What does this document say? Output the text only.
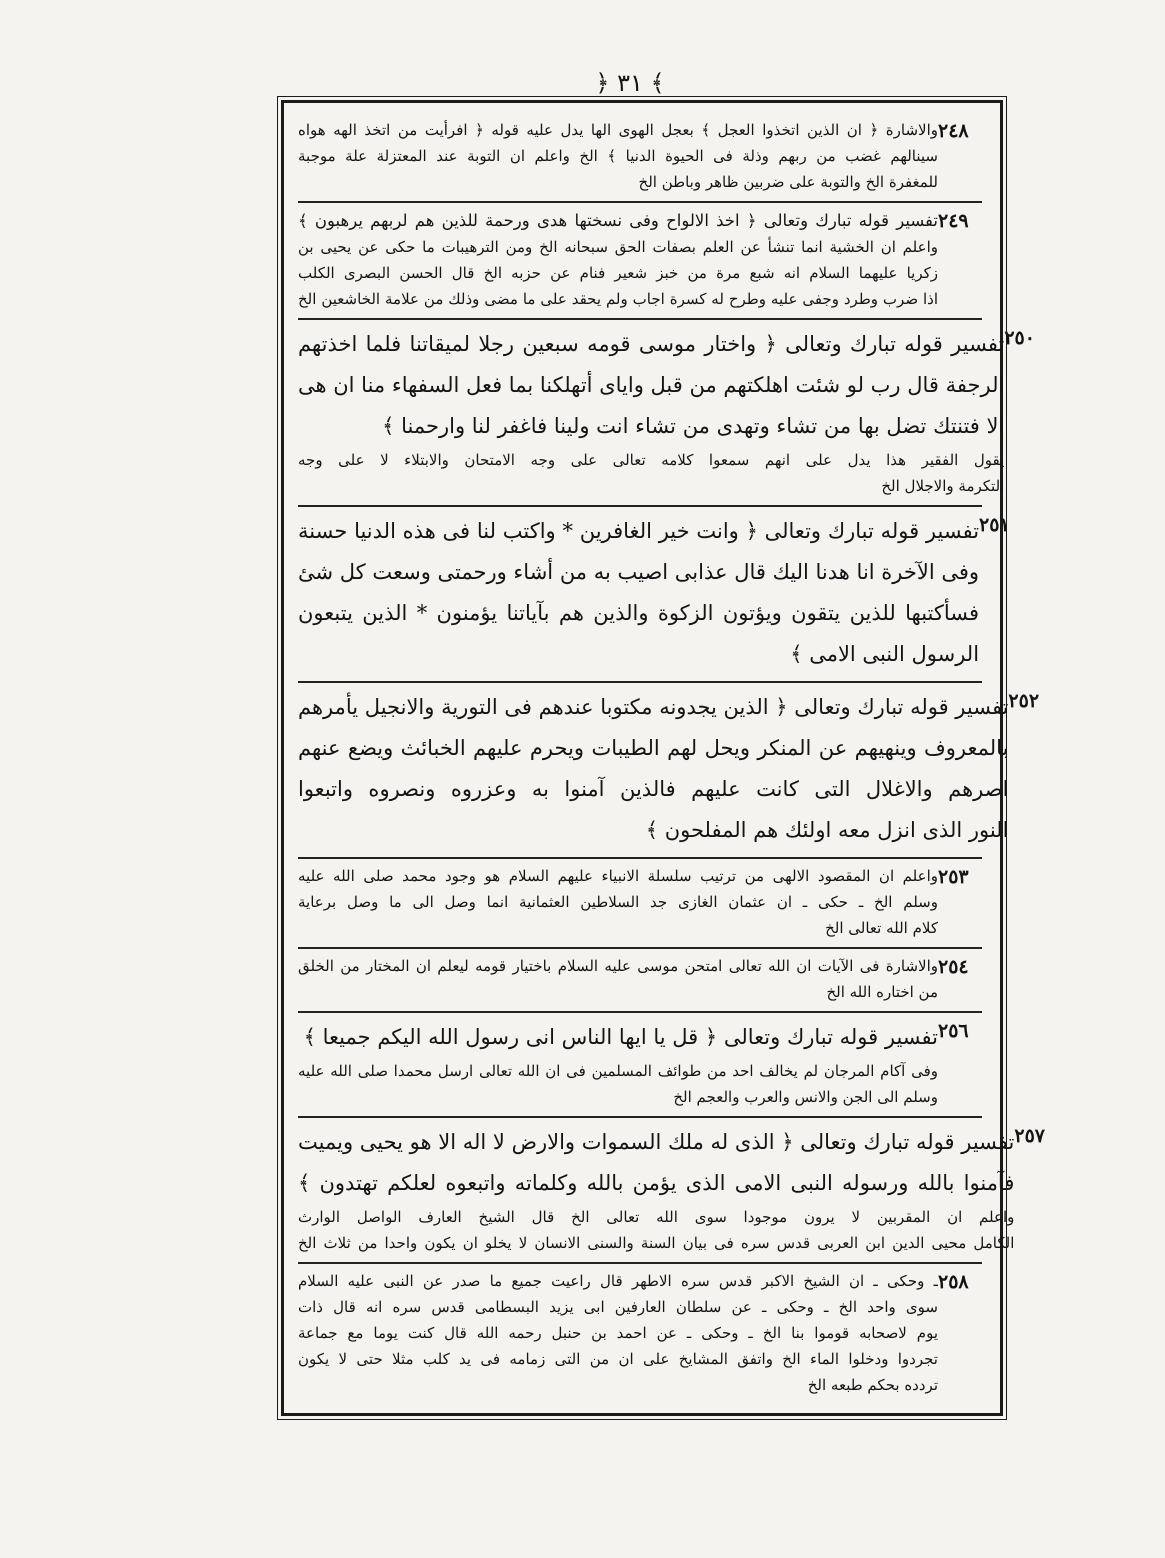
﴾ ٣١ ﴿
والاشارة ﴿ ان الذين اتخذوا العجل ﴾ بعجل الهوى الها يدل عليه قوله ﴿ افرأيت من اتخذ الهه هواه
سينالهم غضب من ربهم وذلة فى الحيوة الدنيا ﴾ الخ واعلم ان التوبة عند المعتزلة علة موجبة
للمغفرة الخ والتوبة على ضربين ظاهر وباطن الخ
٢٤٨
تفسير قوله تبارك وتعالى ﴿ اخذ الالواح وفى نسختها هدى ورحمة للذين هم لربهم يرهبون ﴾
واعلم ان الخشية انما تنشأ عن العلم بصفات الحق سبحانه الخ ومن الترهيبات ما حكى عن يحيى بن
زكريا عليهما السلام انه شبع مرة من خبز شعير فنام عن حزبه الخ قال الحسن البصرى الكلب
اذا ضرب وطرد وجفى عليه وطرح له كسرة اجاب ولم يحقد على ما مضى وذلك من علامة الخاشعين الخ
٢٤٩
تفسير قوله تبارك وتعالى ﴿ واختار موسى قومه سبعين رجلا لميقاتنا فلما اخذتهم
الرجفة قال رب لو شئت اهلكتهم من قبل واياى أتهلكنا بما فعل السفهاء منا ان هى
الا فتنتك تضل بها من تشاء وتهدى من تشاء انت ولينا فاغفر لنا وارحمنا ﴾
يقول الفقير هذا يدل على انهم سمعوا كلامه تعالى على وجه الامتحان والابتلاء لا على وجه
التكرمة والاجلال الخ
٢٥٠
تفسير قوله تبارك وتعالى ﴿ وانت خير الغافرين * واكتب لنا فى هذه الدنيا حسنة
وفى الآخرة انا هدنا اليك قال عذابى اصيب به من أشاء ورحمتى وسعت كل شئ
فسأكتبها للذين يتقون ويؤتون الزكوة والذين هم بآياتنا يؤمنون * الذين يتبعون
الرسول النبى الامى ﴾
٢٥١
تفسير قوله تبارك وتعالى ﴿ الذين يجدونه مكتوبا عندهم فى التورية والانجيل يأمرهم
بالمعروف وينهيهم عن المنكر ويحل لهم الطيبات ويحرم عليهم الخبائث ويضع عنهم
اصرهم والاغلال التى كانت عليهم فالذين آمنوا به وعزروه ونصروه واتبعوا
النور الذى انزل معه اولئك هم المفلحون ﴾
٢٥٢
واعلم ان المقصود الالهى من ترتيب سلسلة الانبياء عليهم السلام هو وجود محمد صلى الله عليه
وسلم الخ ـ حكى ـ ان عثمان الغازى جد السلاطين العثمانية انما وصل الى ما وصل برعاية
كلام الله تعالى الخ
٢٥٣
والاشارة فى الآيات ان الله تعالى امتحن موسى عليه السلام باختيار قومه ليعلم ان المختار من الخلق
من اختاره الله الخ
٢٥٤
تفسير قوله تبارك وتعالى ﴿ قل يا ايها الناس انى رسول الله اليكم جميعا ﴾
وفى آكام المرجان لم يخالف احد من طوائف المسلمين فى ان الله تعالى ارسل محمدا صلى الله عليه
وسلم الى الجن والانس والعرب والعجم الخ
٢٥٦
تفسير قوله تبارك وتعالى ﴿ الذى له ملك السموات والارض لا اله الا هو يحيى ويميت
فآمنوا بالله ورسوله النبى الامى الذى يؤمن بالله وكلماته واتبعوه لعلكم تهتدون ﴾
واعلم ان المقربين لا يرون موجودا سوى الله تعالى الخ قال الشيخ العارف الواصل الوارث
الكامل محيى الدين ابن العربى قدس سره فى بيان السنة والسنى الانسان لا يخلو ان يكون واحدا من ثلاث الخ
٢٥٧
ـ وحكى ـ ان الشيخ الاكبر قدس سره الاطهر قال راعيت جميع ما صدر عن النبى عليه السلام
سوى واحد الخ ـ وحكى ـ عن سلطان العارفين ابى يزيد البسطامى قدس سره انه قال ذات
يوم لاصحابه قوموا بنا الخ ـ وحكى ـ عن احمد بن حنبل رحمه الله قال كنت يوما مع جماعة
تجردوا ودخلوا الماء الخ واتفق المشايخ على ان من التى زمامه فى يد كلب مثلا حتى لا يكون
تردده بحكم طبعه الخ
٢٥٨
